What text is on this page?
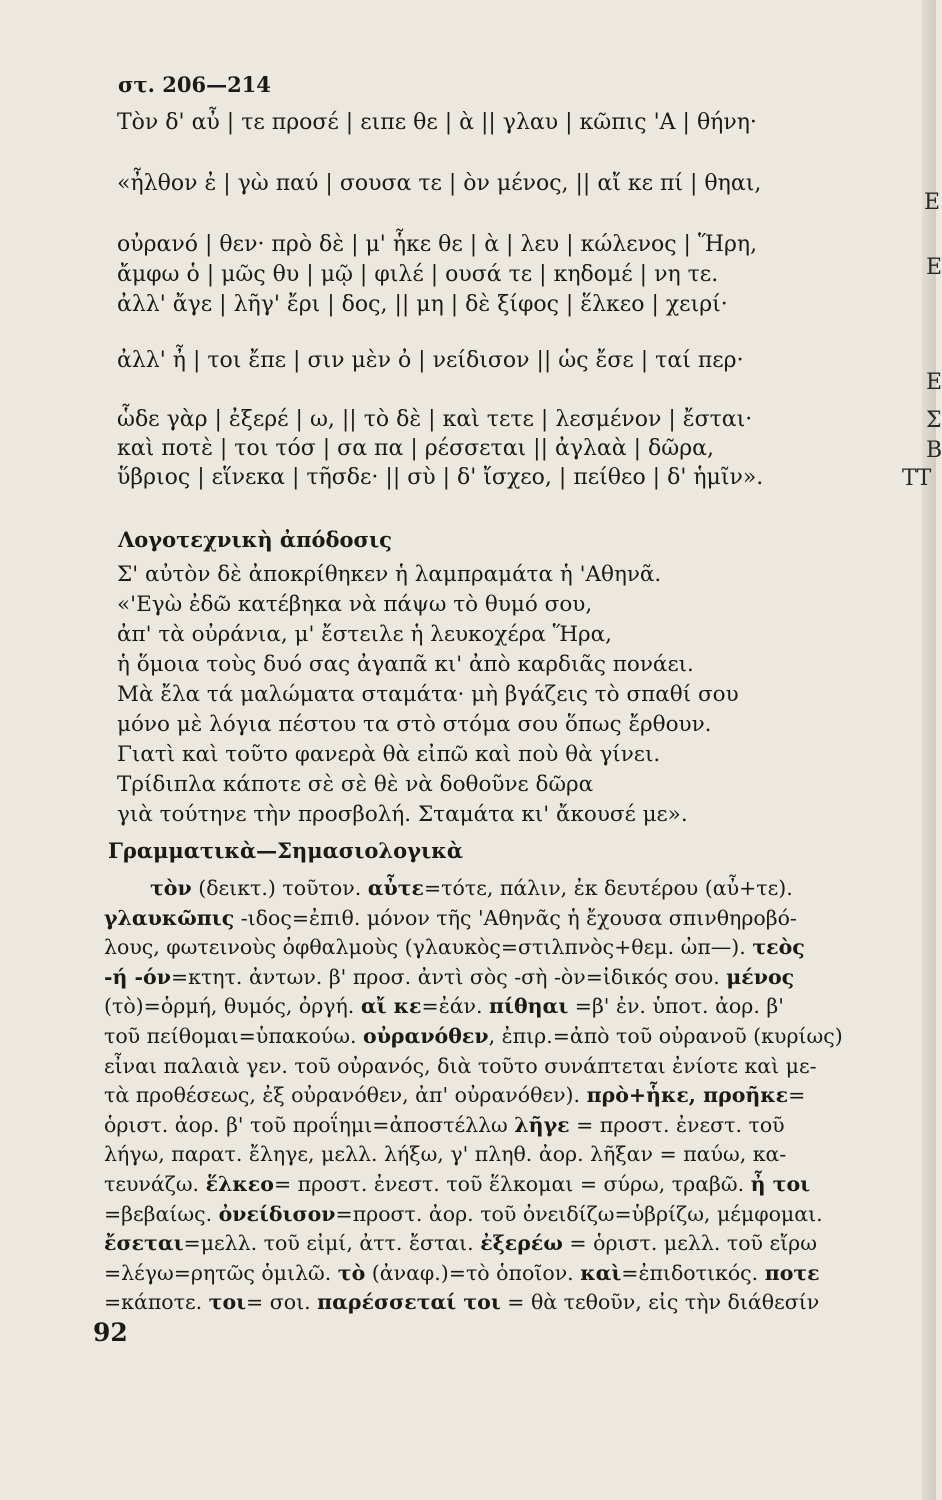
στ. 206—214
Τὸν δ' αὖ | τε προσέ | ειπε θε | ὰ || γλαυ | κῶπις 'Α | θήνη·
«ἦλθον ἐ | γὼ παύ | σουσα τε | ὸν μένος, || αἴ κε πί | θηαι,
οὐρανό | θεν· πρὸ δὲ | μ' ἧκε θε | ὰ | λευ | κώλενος | Ἥρη,
ἄμφω ὁ | μῶς θυ | μῷ | φιλέ | ουσά τε | κηδομέ | νη τε.
ἀλλ' ἄγε | λῆγ' ἔρι | δος, || μη | δὲ ξίφος | ἕλκεο | χειρί·
ἀλλ' ἦ | τοι ἔπε | σιν μὲν ὀ | νείδισον || ὡς ἔσε | ταί περ·
ὧδε γὰρ | ἐξερέ | ω, || τὸ δὲ | καὶ τετε | λεσμένον | ἔσται·
καὶ ποτὲ | τοι τόσ | σα πα | ρέσσεται || ἀγλαὰ | δῶρα,
ὕβριος | εἵνεκα | τῆσδε· || σὺ | δ' ἴσχεο, | πείθεο | δ' ἡμῖν».
Λογοτεχνικὴ ἀπόδοσις
Σ' αὐτὸν δὲ ἀποκρίθηκεν ἡ λαμπραμάτα ἡ 'Αθηνᾶ.
«'Εγὼ ἐδῶ κατέβηκα νὰ πάψω τὸ θυμό σου,
ἀπ' τὰ οὐράνια, μ' ἔστειλε ἡ λευκοχέρα Ἥρα,
ἡ ὅμοια τοὺς δυό σας ἀγαπᾶ κι' ἀπὸ καρδιᾶς πονάει.
Μὰ ἔλα τά μαλώματα σταμάτα· μὴ βγάζεις τὸ σπαθί σου
μόνο μὲ λόγια πέστου τα στὸ στόμα σου ὅπως ἔρθουν.
Γιατὶ καὶ τοῦτο φανερὰ θὰ εἰπῶ καὶ ποὺ θὰ γίνει.
Τρίδιπλα κάποτε σὲ σὲ θὲ νὰ δοθοῦνε δῶρα
γιὰ τούτηνε τὴν προσβολή. Σταμάτα κι' ἄκουσέ με».
Γραμματικὰ—Σημασιολογικὰ
τὸν (δεικτ.) τοῦτον. αὖτε=τότε, πάλιν, ἐκ δευτέρου (αὖ+τε).
γλαυκῶπις -ιδος=ἐπιθ. μόνον τῆς 'Αθηνᾶς ἡ ἔχουσα σπινθηροβό-
λους, φωτεινοὺς ὀφθαλμοὺς (γλαυκὸς=στιλπνὸς+θεμ. ὠπ—). τεὸς
-ή -όν=κτητ. ἀντων. β' προσ. ἀντὶ σὸς -σὴ -ὸν=ἰδικός σου. μένος
(τὸ)=ὁρμή, θυμός, ὀργή. αἴ κε=ἐάν. πίθηαι =β' ἐν. ὑποτ. ἀορ. β'
τοῦ πείθομαι=ὑπακούω. οὐρανόθεν, ἐπιρ.=ἀπὸ τοῦ οὐρανοῦ (κυρίως)
εἶναι παλαιὰ γεν. τοῦ οὐρανός, διὰ τοῦτο συνάπτεται ἐνίοτε καὶ με-
τὰ προθέσεως, ἐξ οὐρανόθεν, ἀπ' οὐρανόθεν). πρὸ+ἧκε, προῆκε=
ὁριστ. ἀορ. β' τοῦ προΐημι=ἀποστέλλω λῆγε = προστ. ἐνεστ. τοῦ
λήγω, παρατ. ἔληγε, μελλ. λήξω, γ' πληθ. ἀορ. λῆξαν = παύω, κα-
τευνάζω. ἕλκεο= προστ. ἐνεστ. τοῦ ἕλκομαι = σύρω, τραβῶ. ἦ τοι
=βεβαίως. ὀνείδισον=προστ. ἀορ. τοῦ ὀνειδίζω=ὑβρίζω, μέμφομαι.
ἔσεται=μελλ. τοῦ εἰμί, ἀττ. ἔσται. ἐξερέω = ὁριστ. μελλ. τοῦ εἴρω
=λέγω=ρητῶς ὁμιλῶ. τὸ (ἀναφ.)=τὸ ὁποῖον. καὶ=ἐπιδοτικός. ποτε
=κάποτε. τοι= σοι. παρέσσεταί τοι = θὰ τεθοῦν, εἰς τὴν διάθεσίν
92
Ε
Ε
Ε
Σ
Β
ΤΤ
